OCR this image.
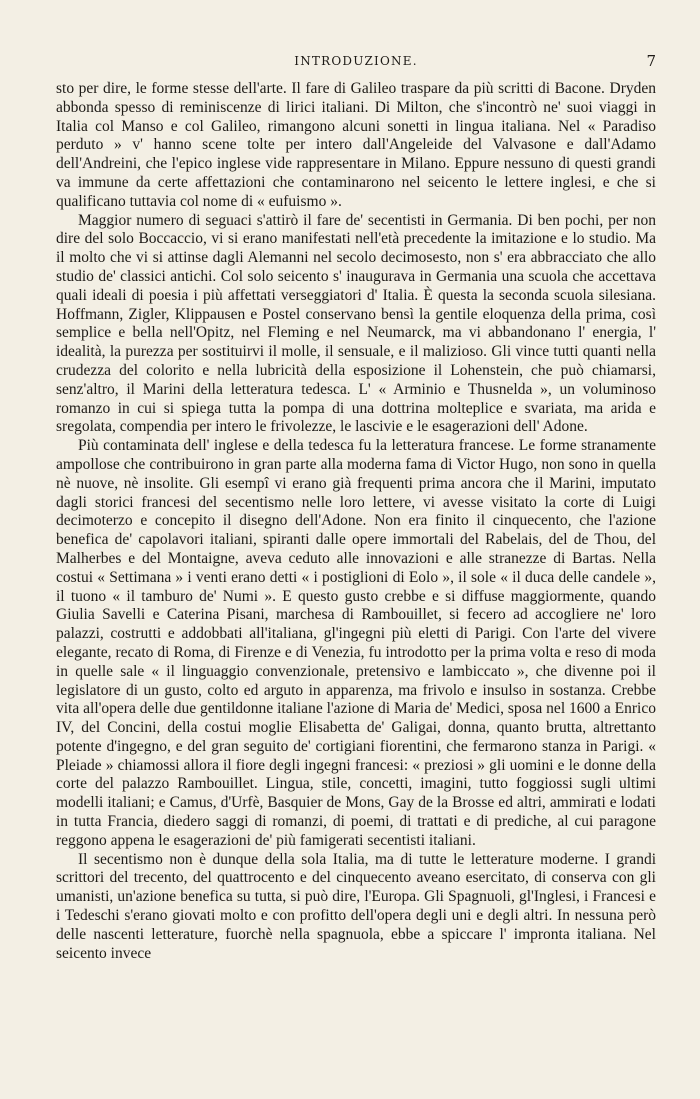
INTRODUZIONE.	7

sto per dire, le forme stesse dell'arte. Il fare di Galileo traspare da più scritti di Bacone. Dryden abbonda spesso di reminiscenze di lirici italiani. Di Milton, che s'incontrò ne' suoi viaggi in Italia col Manso e col Galileo, rimangono alcuni sonetti in lingua italiana. Nel « Paradiso perduto » v' hanno scene tolte per intero dall'Angeleide del Valvasone e dall'Adamo dell'Andreini, che l'epico inglese vide rappresentare in Milano. Eppure nessuno di questi grandi va immune da certe affettazioni che contaminarono nel seicento le lettere inglesi, e che si qualificano tuttavia col nome di « eufuismo ».

Maggior numero di seguaci s'attirò il fare de' secentisti in Germania. Di ben pochi, per non dire del solo Boccaccio, vi si erano manifestati nell'età precedente la imitazione e lo studio. Ma il molto che vi si attinse dagli Alemanni nel secolo decimosesto, non s' era abbracciato che allo studio de' classici antichi. Col solo seicento s' inaugurava in Germania una scuola che accettava quali ideali di poesia i più affettati verseggiatori d' Italia. È questa la seconda scuola silesiana. Hoffmann, Zigler, Klippausen e Postel conservano bensì la gentile eloquenza della prima, così semplice e bella nell'Opitz, nel Fleming e nel Neumarck, ma vi abbandonano l' energia, l' idealità, la purezza per sostituirvi il molle, il sensuale, e il malizioso. Gli vince tutti quanti nella crudezza del colorito e nella lubricità della esposizione il Lohenstein, che può chiamarsi, senz'altro, il Marini della letteratura tedesca. L' « Arminio e Thusnelda », un voluminoso romanzo in cui si spiega tutta la pompa di una dottrina molteplice e svariata, ma arida e sregolata, compendia per intero le frivolezze, le lascivie e le esagerazioni dell' Adone.

Più contaminata dell' inglese e della tedesca fu la letteratura francese. Le forme stranamente ampollose che contribuirono in gran parte alla moderna fama di Victor Hugo, non sono in quella nè nuove, nè insolite. Gli esempî vi erano già frequenti prima ancora che il Marini, imputato dagli storici francesi del secentismo nelle loro lettere, vi avesse visitato la corte di Luigi decimoterzo e concepito il disegno dell'Adone. Non era finito il cinquecento, che l'azione benefica de' capolavori italiani, spiranti dalle opere immortali del Rabelais, del de Thou, del Malherbes e del Montaigne, aveva ceduto alle innovazioni e alle stranezze di Bartas. Nella costui « Settimana » i venti erano detti « i postiglioni di Eolo », il sole « il duca delle candele », il tuono « il tamburo de' Numi ». E questo gusto crebbe e si diffuse maggiormente, quando Giulia Savelli e Caterina Pisani, marchesa di Rambouillet, si fecero ad accogliere ne' loro palazzi, costrutti e addobbati all'italiana, gl'ingegni più eletti di Parigi. Con l'arte del vivere elegante, recato di Roma, di Firenze e di Venezia, fu introdotto per la prima volta e reso di moda in quelle sale « il linguaggio convenzionale, pretensivo e lambiccato », che divenne poi il legislatore di un gusto, colto ed arguto in apparenza, ma frivolo e insulso in sostanza. Crebbe vita all'opera delle due gentildonne italiane l'azione di Maria de' Medici, sposa nel 1600 a Enrico IV, del Concini, della costui moglie Elisabetta de' Galigai, donna, quanto brutta, altrettanto potente d'ingegno, e del gran seguito de' cortigiani fiorentini, che fermarono stanza in Parigi. « Pleiade » chiamossi allora il fiore degli ingegni francesi: « preziosi » gli uomini e le donne della corte del palazzo Rambouillet. Lingua, stile, concetti, imagini, tutto foggiossi sugli ultimi modelli italiani; e Camus, d'Urfè, Basquier de Mons, Gay de la Brosse ed altri, ammirati e lodati in tutta Francia, diedero saggi di romanzi, di poemi, di trattati e di prediche, al cui paragone reggono appena le esagerazioni de' più famigerati secentisti italiani.

Il secentismo non è dunque della sola Italia, ma di tutte le letterature moderne. I grandi scrittori del trecento, del quattrocento e del cinquecento aveano esercitato, di conserva con gli umanisti, un'azione benefica su tutta, si può dire, l'Europa. Gli Spagnuoli, gl'Inglesi, i Francesi e i Tedeschi s'erano giovati molto e con profitto dell'opera degli uni e degli altri. In nessuna però delle nascenti letterature, fuorchè nella spagnuola, ebbe a spiccare l' impronta italiana. Nel seicento invece
